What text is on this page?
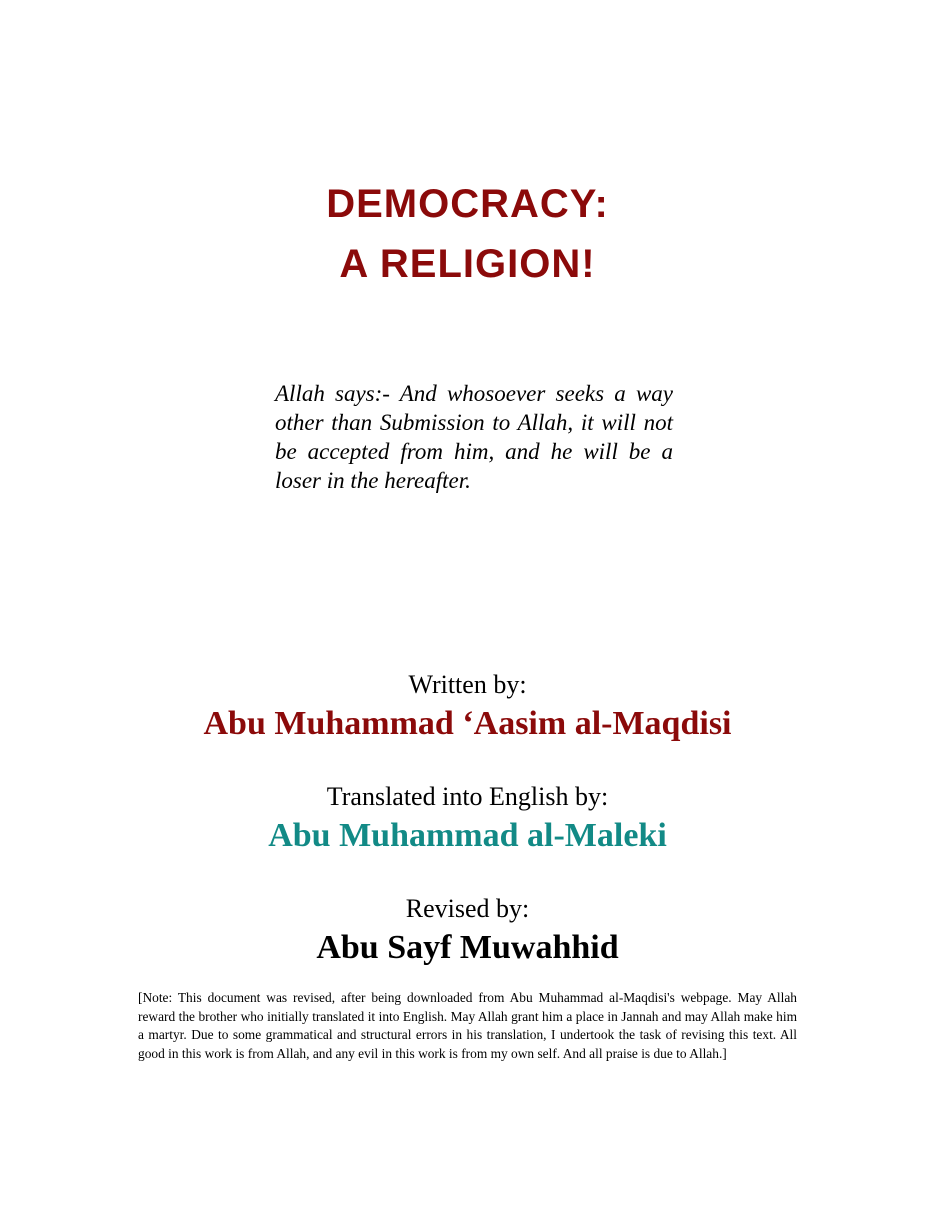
DEMOCRACY:
A RELIGION!
Allah says:- And whosoever seeks a way other than Submission to Allah, it will not be accepted from him, and he will be a loser in the hereafter.
Written by:
Abu Muhammad ‘Aasim al-Maqdisi
Translated into English by:
Abu Muhammad al-Maleki
Revised by:
Abu Sayf Muwahhid
[Note: This document was revised, after being downloaded from Abu Muhammad al-Maqdisi's webpage. May Allah reward the brother who initially translated it into English. May Allah grant him a place in Jannah and may Allah make him a martyr. Due to some grammatical and structural errors in his translation, I undertook the task of revising this text. All good in this work is from Allah, and any evil in this work is from my own self. And all praise is due to Allah.]
